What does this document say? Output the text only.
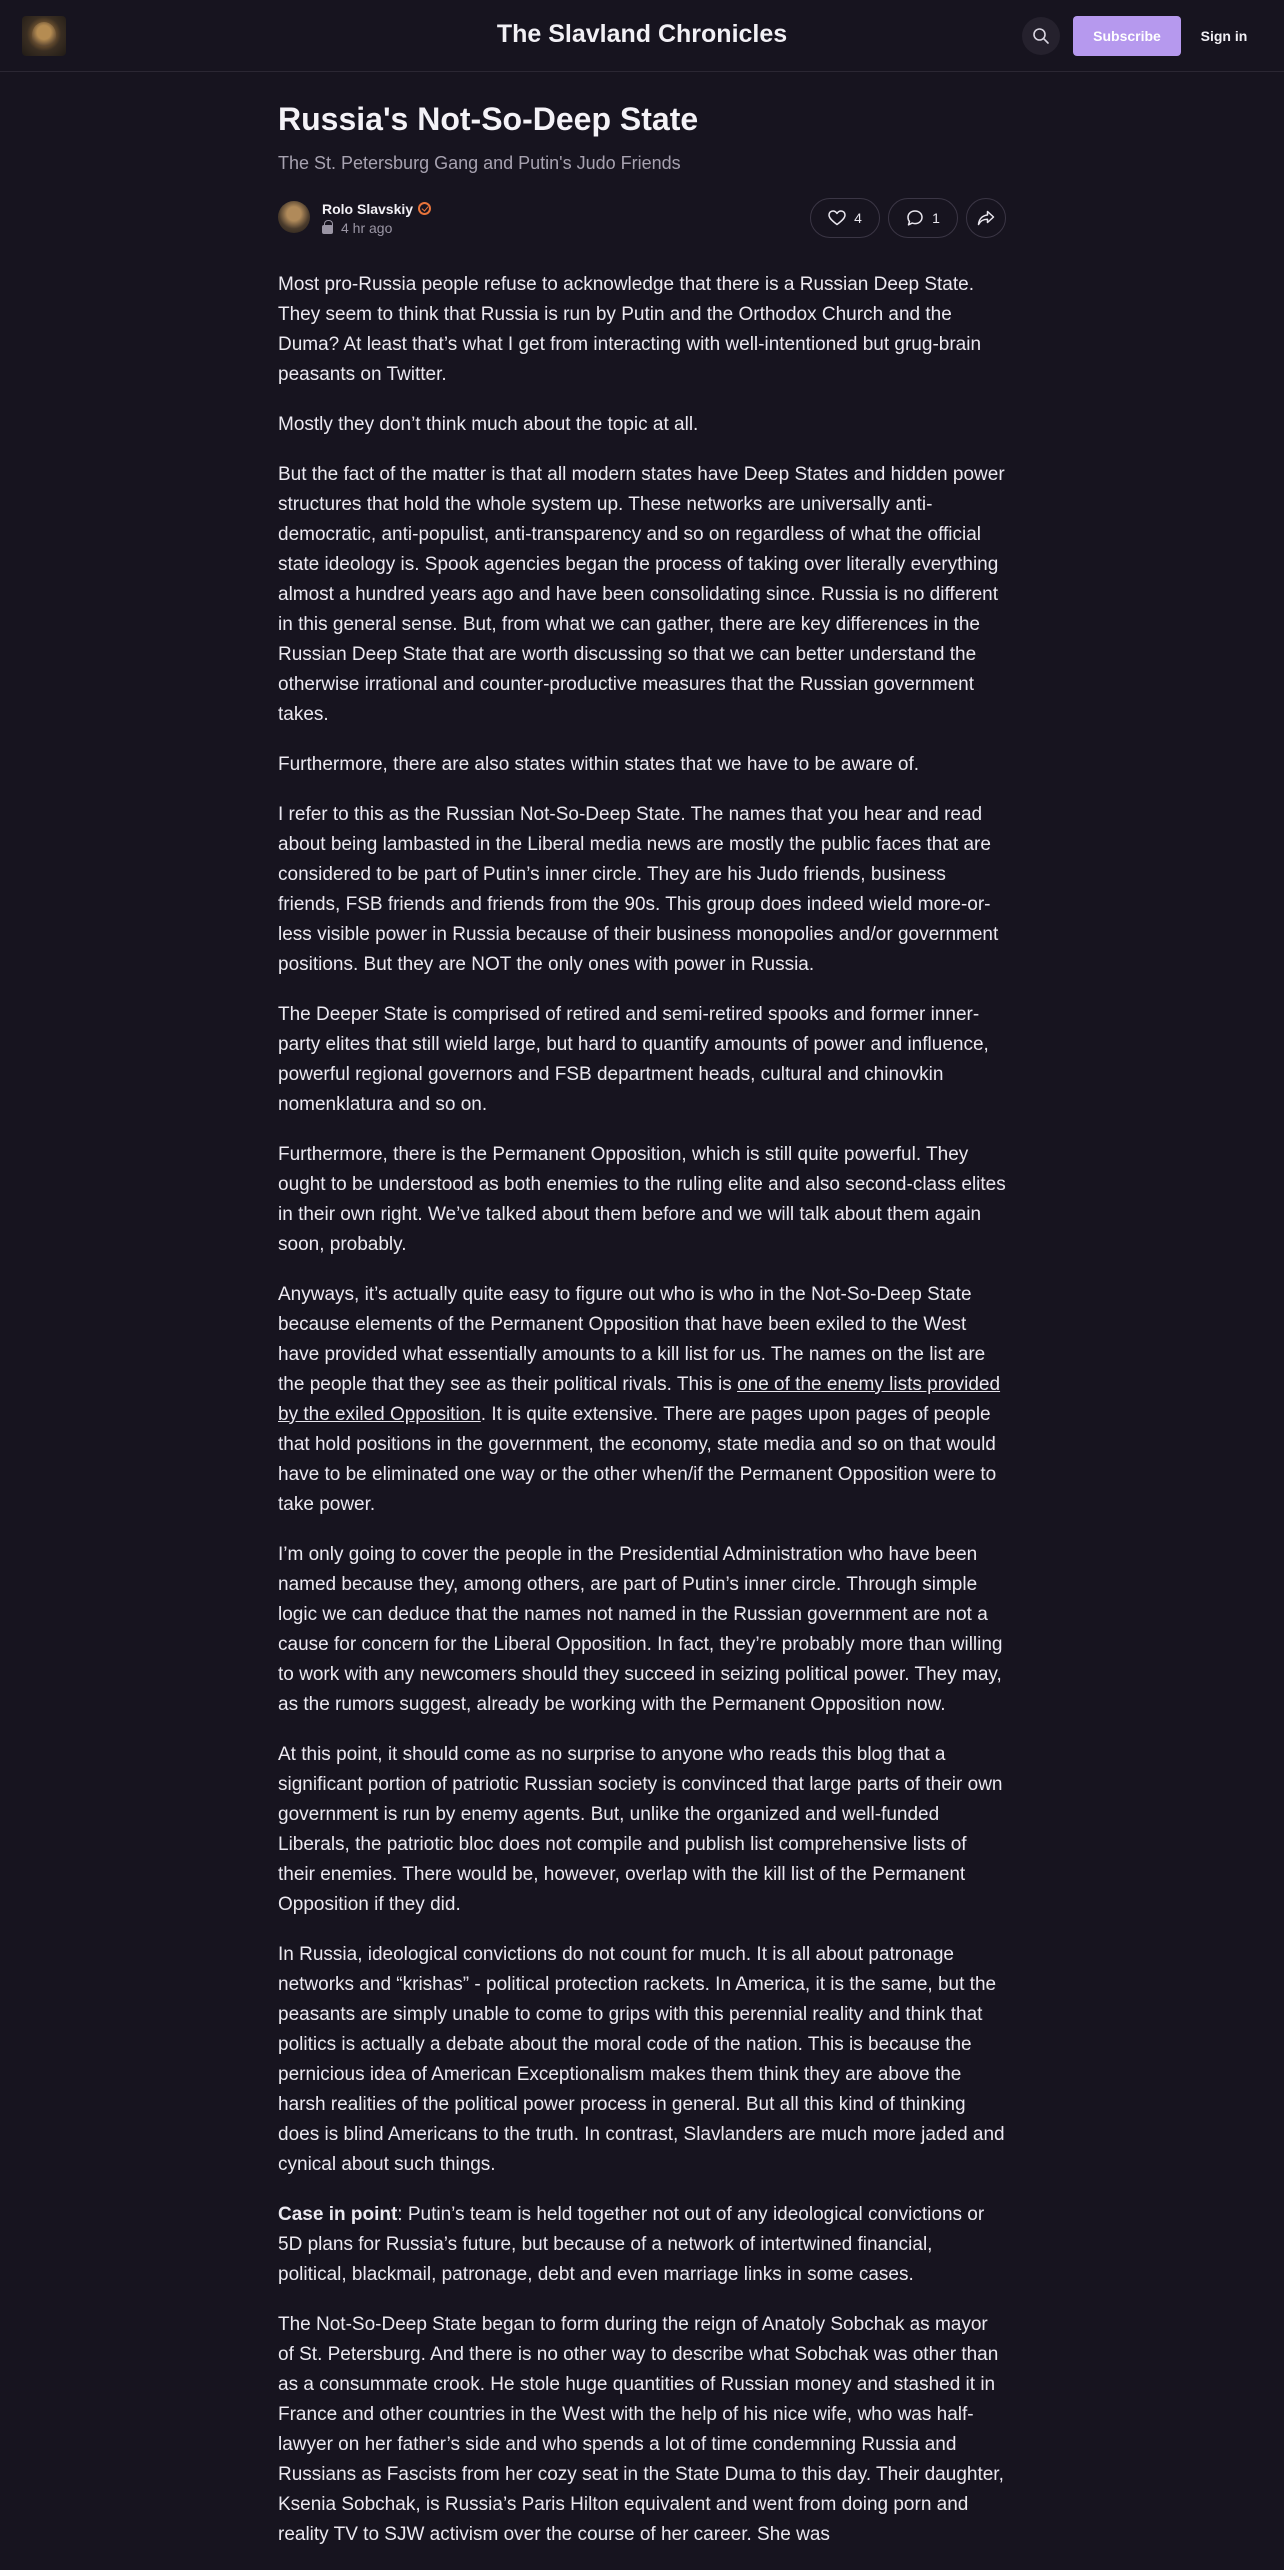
The Slavland Chronicles	Subscribe	Sign in
Russia's Not-So-Deep State
The St. Petersburg Gang and Putin's Judo Friends
Rolo Slavskiy
4 hr ago
4	1

Most pro-Russia people refuse to acknowledge that there is a Russian Deep State. They seem to think that Russia is run by Putin and the Orthodox Church and the Duma? At least that’s what I get from interacting with well-intentioned but grug-brain peasants on Twitter.

Mostly they don’t think much about the topic at all.

But the fact of the matter is that all modern states have Deep States and hidden power structures that hold the whole system up. These networks are universally anti-democratic, anti-populist, anti-transparency and so on regardless of what the official state ideology is. Spook agencies began the process of taking over literally everything almost a hundred years ago and have been consolidating since. Russia is no different in this general sense. But, from what we can gather, there are key differences in the Russian Deep State that are worth discussing so that we can better understand the otherwise irrational and counter-productive measures that the Russian government takes.

Furthermore, there are also states within states that we have to be aware of.

I refer to this as the Russian Not-So-Deep State. The names that you hear and read about being lambasted in the Liberal media news are mostly the public faces that are considered to be part of Putin’s inner circle. They are his Judo friends, business friends, FSB friends and friends from the 90s. This group does indeed wield more-or-less visible power in Russia because of their business monopolies and/or government positions. But they are NOT the only ones with power in Russia.

The Deeper State is comprised of retired and semi-retired spooks and former inner-party elites that still wield large, but hard to quantify amounts of power and influence, powerful regional governors and FSB department heads, cultural and chinovkin nomenklatura and so on.

Furthermore, there is the Permanent Opposition, which is still quite powerful. They ought to be understood as both enemies to the ruling elite and also second-class elites in their own right. We’ve talked about them before and we will talk about them again soon, probably.

Anyways, it’s actually quite easy to figure out who is who in the Not-So-Deep State because elements of the Permanent Opposition that have been exiled to the West have provided what essentially amounts to a kill list for us. The names on the list are the people that they see as their political rivals. This is one of the enemy lists provided by the exiled Opposition. It is quite extensive. There are pages upon pages of people that hold positions in the government, the economy, state media and so on that would have to be eliminated one way or the other when/if the Permanent Opposition were to take power.

I’m only going to cover the people in the Presidential Administration who have been named because they, among others, are part of Putin’s inner circle. Through simple logic we can deduce that the names not named in the Russian government are not a cause for concern for the Liberal Opposition. In fact, they’re probably more than willing to work with any newcomers should they succeed in seizing political power. They may, as the rumors suggest, already be working with the Permanent Opposition now.

At this point, it should come as no surprise to anyone who reads this blog that a significant portion of patriotic Russian society is convinced that large parts of their own government is run by enemy agents. But, unlike the organized and well-funded Liberals, the patriotic bloc does not compile and publish list comprehensive lists of their enemies. There would be, however, overlap with the kill list of the Permanent Opposition if they did.

In Russia, ideological convictions do not count for much. It is all about patronage networks and “krishas” - political protection rackets. In America, it is the same, but the peasants are simply unable to come to grips with this perennial reality and think that politics is actually a debate about the moral code of the nation. This is because the pernicious idea of American Exceptionalism makes them think they are above the harsh realities of the political power process in general. But all this kind of thinking does is blind Americans to the truth. In contrast, Slavlanders are much more jaded and cynical about such things.

Case in point: Putin’s team is held together not out of any ideological convictions or 5D plans for Russia’s future, but because of a network of intertwined financial, political, blackmail, patronage, debt and even marriage links in some cases.

The Not-So-Deep State began to form during the reign of Anatoly Sobchak as mayor of St. Petersburg. And there is no other way to describe what Sobchak was other than as a consummate crook. He stole huge quantities of Russian money and stashed it in France and other countries in the West with the help of his nice wife, who was half-lawyer on her father’s side and who spends a lot of time condemning Russia and Russians as Fascists from her cozy seat in the State Duma to this day. Their daughter, Ksenia Sobchak, is Russia’s Paris Hilton equivalent and went from doing porn and reality TV to SJW activism over the course of her career. She was
